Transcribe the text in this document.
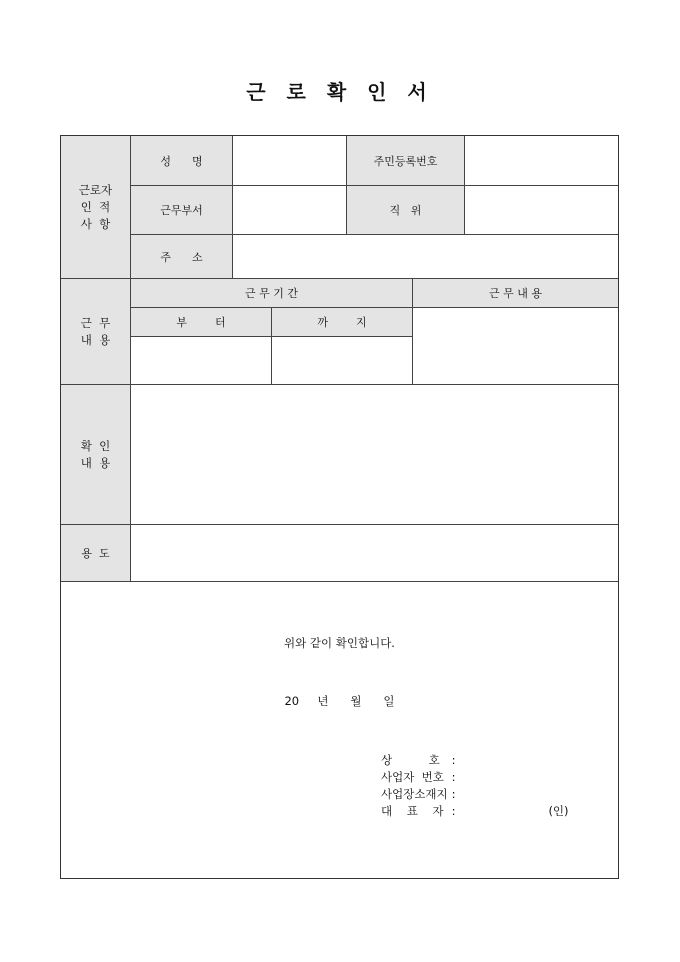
근 로 확 인 서
근로자
인  적
사  항
성      명	주민등록번호
근무부서	직   위
주      소
근  무
내  용
근 무 기 간	근 무 내 용
부        터	까        지
확  인
내  용
용  도
위와 같이 확인합니다.
20     년      월      일
상          호	:	
사업자  번호	:	
사업장소재지	:	
대    표    자	:	(인)
